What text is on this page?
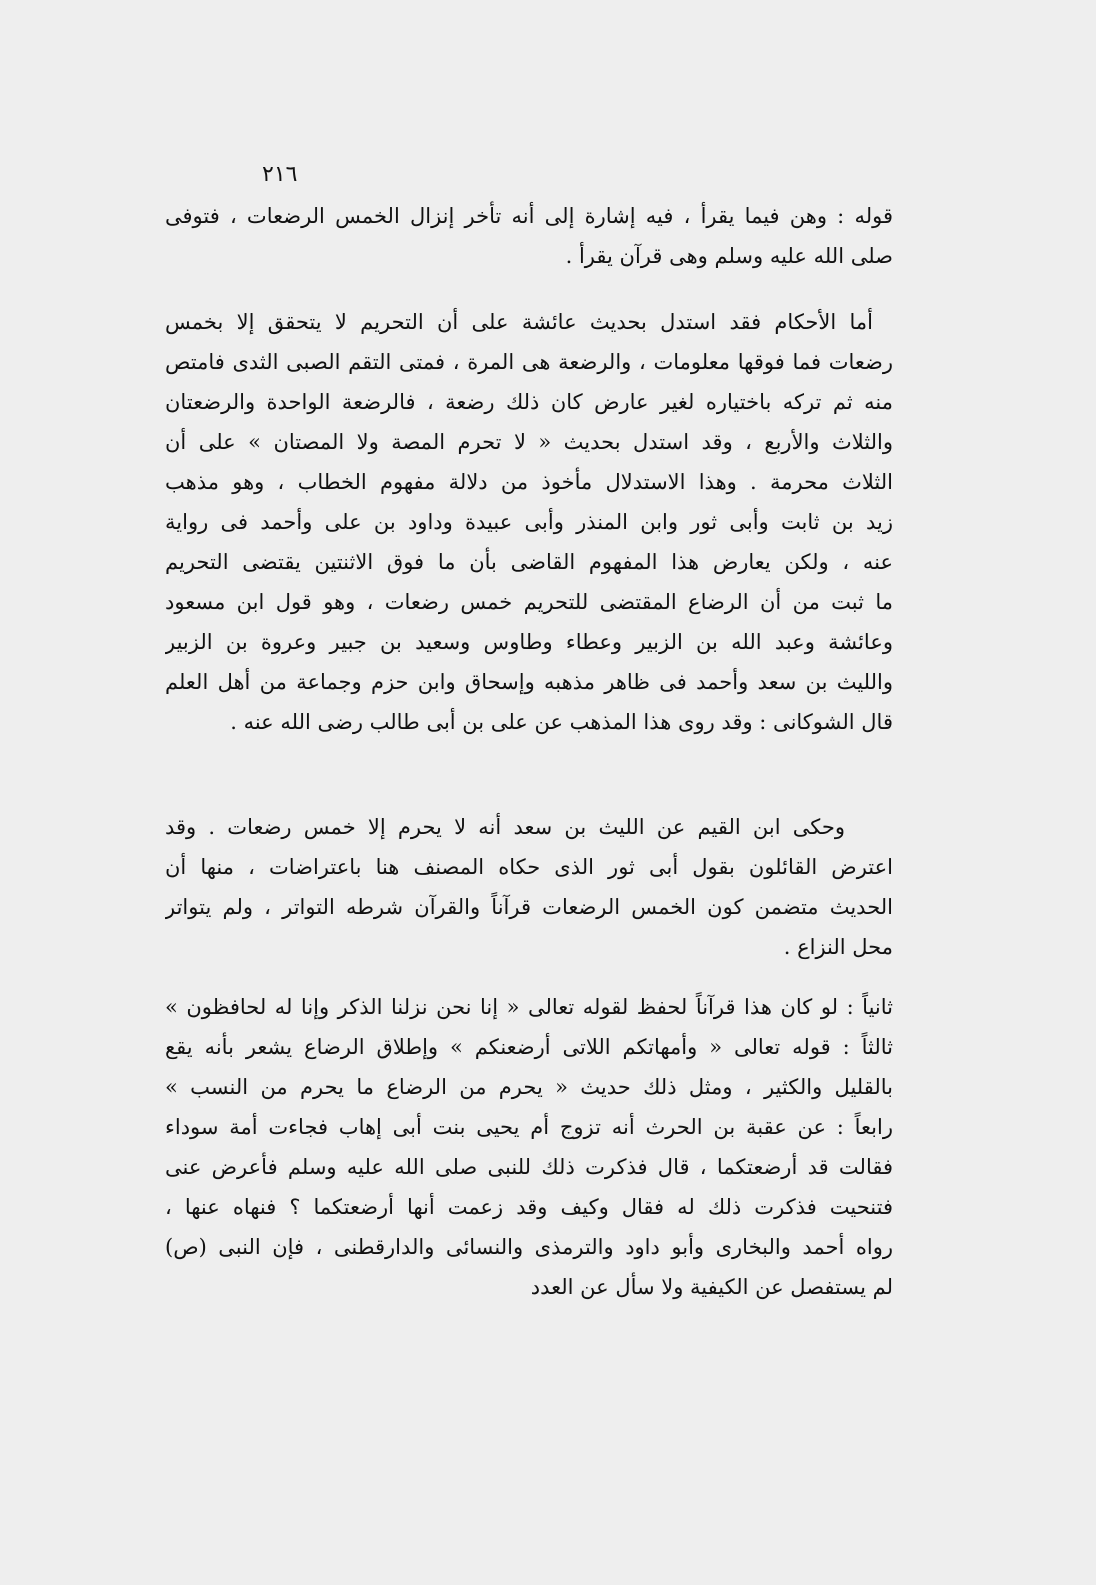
٢١٦
قوله : وهن فيما يقرأ ، فيه إشارة إلى أنه تأخر إنزال الخمس الرضعات ، فتوفى
صلى الله عليه وسلم وهى قرآن يقرأ .
أما الأحكام فقد استدل بحديث عائشة على أن التحريم لا يتحقق إلا بخمس
رضعات فما فوقها معلومات ، والرضعة هى المرة ، فمتى التقم الصبى الثدى فامتص
منه ثم تركه باختياره لغير عارض كان ذلك رضعة ، فالرضعة الواحدة والرضعتان
والثلاث والأربع ، وقد استدل بحديث « لا تحرم المصة ولا المصتان » على أن
الثلاث محرمة . وهذا الاستدلال مأخوذ من دلالة مفهوم الخطاب ، وهو مذهب
زيد بن ثابت وأبى ثور وابن المنذر وأبى عبيدة وداود بن على وأحمد فى رواية
عنه ، ولكن يعارض هذا المفهوم القاضى بأن ما فوق الاثنتين يقتضى التحريم
ما ثبت من أن الرضاع المقتضى للتحريم خمس رضعات ، وهو قول ابن مسعود
وعائشة وعبد الله بن الزبير وعطاء وطاوس وسعيد بن جبير وعروة بن الزبير
والليث بن سعد وأحمد فى ظاهر مذهبه وإسحاق وابن حزم وجماعة من أهل العلم
قال الشوكانى : وقد روى هذا المذهب عن على بن أبى طالب رضى الله عنه .
وحكى ابن القيم عن الليث بن سعد أنه لا يحرم إلا خمس رضعات . وقد
اعترض القائلون بقول أبى ثور الذى حكاه المصنف هنا باعتراضات ، منها أن
الحديث متضمن كون الخمس الرضعات قرآناً والقرآن شرطه التواتر ، ولم يتواتر
محل النزاع .
ثانياً : لو كان هذا قرآناً لحفظ لقوله تعالى « إنا نحن نزلنا الذكر وإنا له لحافظون »
ثالثاً : قوله تعالى « وأمهاتكم اللاتى أرضعنكم » وإطلاق الرضاع يشعر بأنه يقع
بالقليل والكثير ، ومثل ذلك حديث « يحرم من الرضاع ما يحرم من النسب »
رابعاً : عن عقبة بن الحرث أنه تزوج أم يحيى بنت أبى إهاب فجاءت أمة سوداء
فقالت قد أرضعتكما ، قال فذكرت ذلك للنبى صلى الله عليه وسلم فأعرض عنى
فتنحيت فذكرت ذلك له فقال وكيف وقد زعمت أنها أرضعتكما ؟ فنهاه عنها ،
رواه أحمد والبخارى وأبو داود والترمذى والنسائى والدارقطنى ، فإن النبى (ص)
لم يستفصل عن الكيفية ولا سأل عن العدد
